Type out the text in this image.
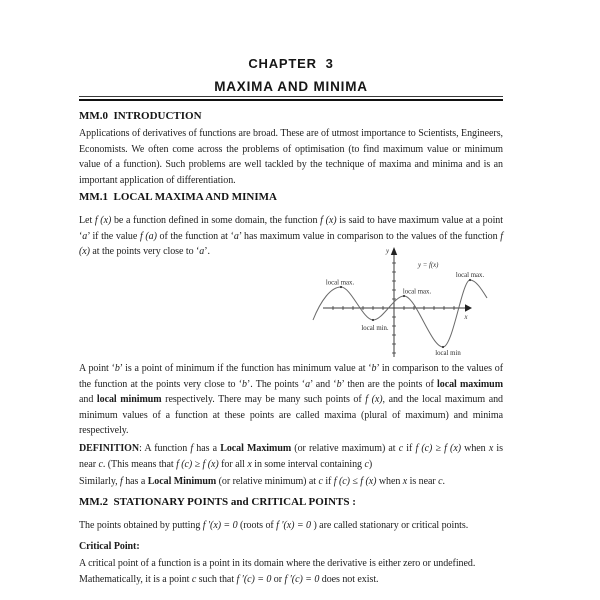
CHAPTER  3
MAXIMA AND MINIMA
MM.0  INTRODUCTION
Applications of derivatives of functions are broad. These are of utmost importance to Scientists, Engineers, Economists. We often come across the problems of optimisation (to find maximum value or minimum value of a function). Such problems are well tackled by the technique of maxima and minima and is an important application of differentiation.
MM.1  LOCAL MAXIMA AND MINIMA
Let f (x) be a function defined in some domain, the function f (x) is said to have maximum value at a point ‘a’ if the value f (a) of the function at ‘a’ has maximum value in comparison to the values of the function f (x) at the points very close to ‘a’.	y
x
y = f(x)
local max.
local min.
local max.
local min
local max.
A point ‘b’ is a point of minimum if the function has minimum value at ‘b’ in comparison to the values of the function at the points very close to ‘b’. The points ‘a’ and ‘b’ then are the points of local maximum and local minimum respectively. There may be many such points of f (x), and the local maximum and minimum values of a function at these points are called maxima (plural of maximum) and minima respectively.
DEFINITION: A function f has a Local Maximum (or relative maximum) at c if f (c) ≥ f (x) when x is near c. (This means that f (c) ≥ f (x) for all x in some interval containing c)
Similarly, f has a Local Minimum (or relative minimum) at c if f (c) ≤ f (x) when x is near c.
MM.2  STATIONARY POINTS and CRITICAL POINTS :
The points obtained by putting f ′(x) = 0 (roots of f ′(x) = 0 ) are called stationary or critical points.
Critical Point:
A critical point of a function is a point in its domain where the derivative is either zero or undefined.
Mathematically, it is a point c such that f ′(c) = 0 or f ′(c) = 0 does not exist.
